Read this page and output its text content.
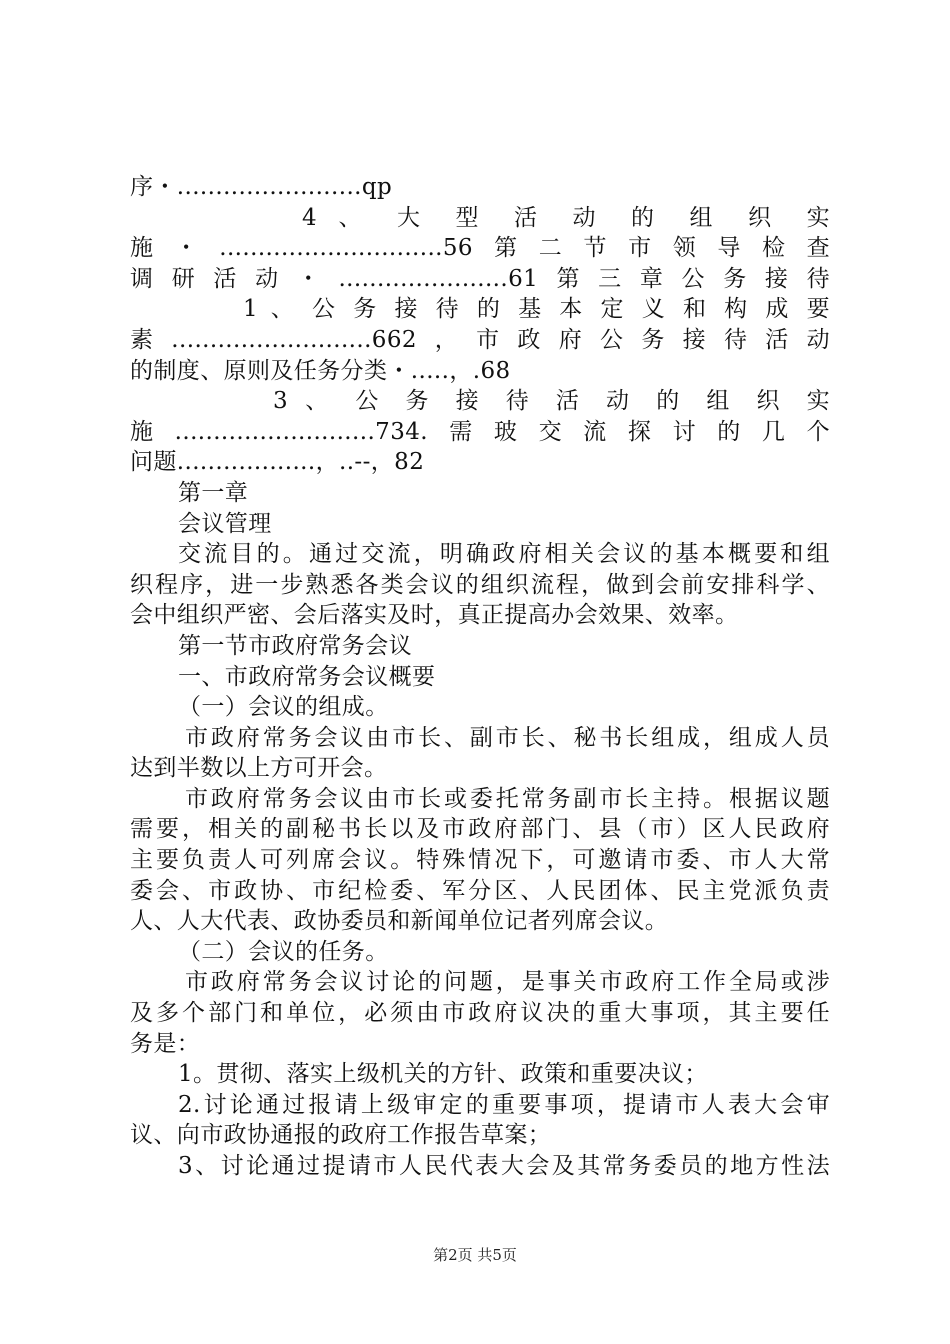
序・........................qp
4 、 大 型 活 动 的 组 织 实
施・.............................56第二节市领导检查
调研活动・......................61第三章公务接待
1 、 公 务 接 待 的 基 本 定 义 和 构 成 要
素..........................662，市政府公务接待活动
的制度、原则及任务分类・.....，.68
3 、 公 务 接 待 活 动 的 组 织 实
施..........................734.需玻交流探讨的几个
问题..................，..--，82
第一章
会议管理
交流目的。通过交流，明确政府相关会议的基本概要和组
织程序，进一步熟悉各类会议的组织流程，做到会前安排科学、
会中组织严密、会后落实及时，真正提高办会效果、效率。
第一节市政府常务会议
一、市政府常务会议概要
（一）会议的组成。
市政府常务会议由市长、副市长、秘书长组成，组成人员
达到半数以上方可开会。
市政府常务会议由市长或委托常务副市长主持。根据议题
需要，相关的副秘书长以及市政府部门、县（市）区人民政府
主要负责人可列席会议。特殊情况下，可邀请市委、市人大常
委会、市政协、市纪检委、军分区、人民团体、民主党派负责
人、人大代表、政协委员和新闻单位记者列席会议。
（二）会议的任务。
市政府常务会议讨论的问题，是事关市政府工作全局或涉
及多个部门和单位，必须由市政府议决的重大事项，其主要任
务是：
1。贯彻、落实上级机关的方针、政策和重要决议；
2.讨论通过报请上级审定的重要事项，提请市人表大会审
议、向市政协通报的政府工作报告草案；
3、讨论通过提请市人民代表大会及其常务委员的地方性法
第2页 共5页
